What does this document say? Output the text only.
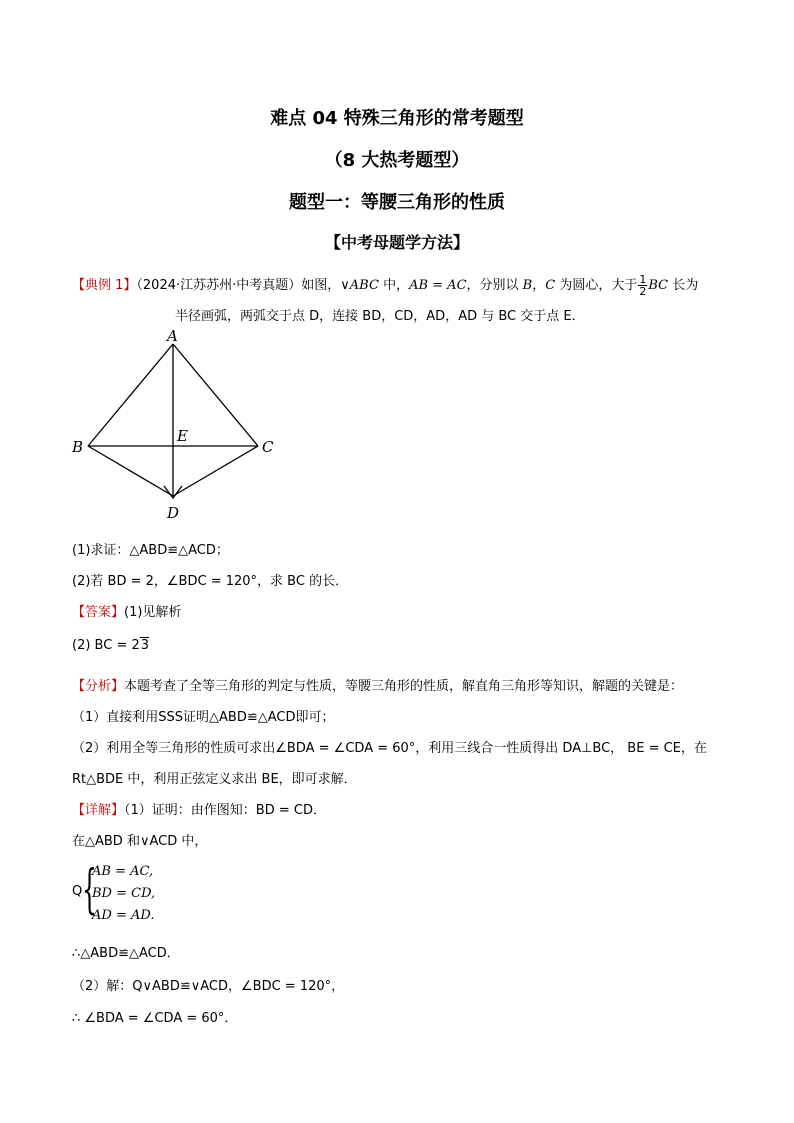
难点 04 特殊三角形的常考题型
（8 大热考题型）
题型一：等腰三角形的性质
【中考母题学方法】
【典例 1】（2024·江苏苏州·中考真题）如图，∨ABC 中，AB = AC，分别以 B，C 为圆心，大于 $\frac{1}{2}$ BC 长为
半径画弧，两弧交于点 D，连接 BD，CD，AD，AD 与 BC 交于点 E．
A
B	C
D
E
(1)求证：△ABD≌△ACD；
(2)若 BD = 2，∠BDC = 120°，求 BC 的长．
【答案】(1)见解析
(2) BC = 23
【分析】本题考查了全等三角形的判定与性质，等腰三角形的性质，解直角三角形等知识，解题的关键是：
（1）直接利用SSS证明△ABD≌△ACD即可；
（2）利用全等三角形的性质可求出∠BDA = ∠CDA = 60°，利用三线合一性质得出 DA⊥BC， BE = CE，在
Rt△BDE 中，利用正弦定义求出 BE，即可求解．
【详解】（1）证明：由作图知：BD = CD．
在△ABD 和∨ACD 中，
Q {
AB = AC,
BD = CD,
AD = AD.
∴△ABD≌△ACD．
（2）解：Q∨ABD≌∨ACD，∠BDC = 120°，
∴ ∠BDA = ∠CDA = 60°．
